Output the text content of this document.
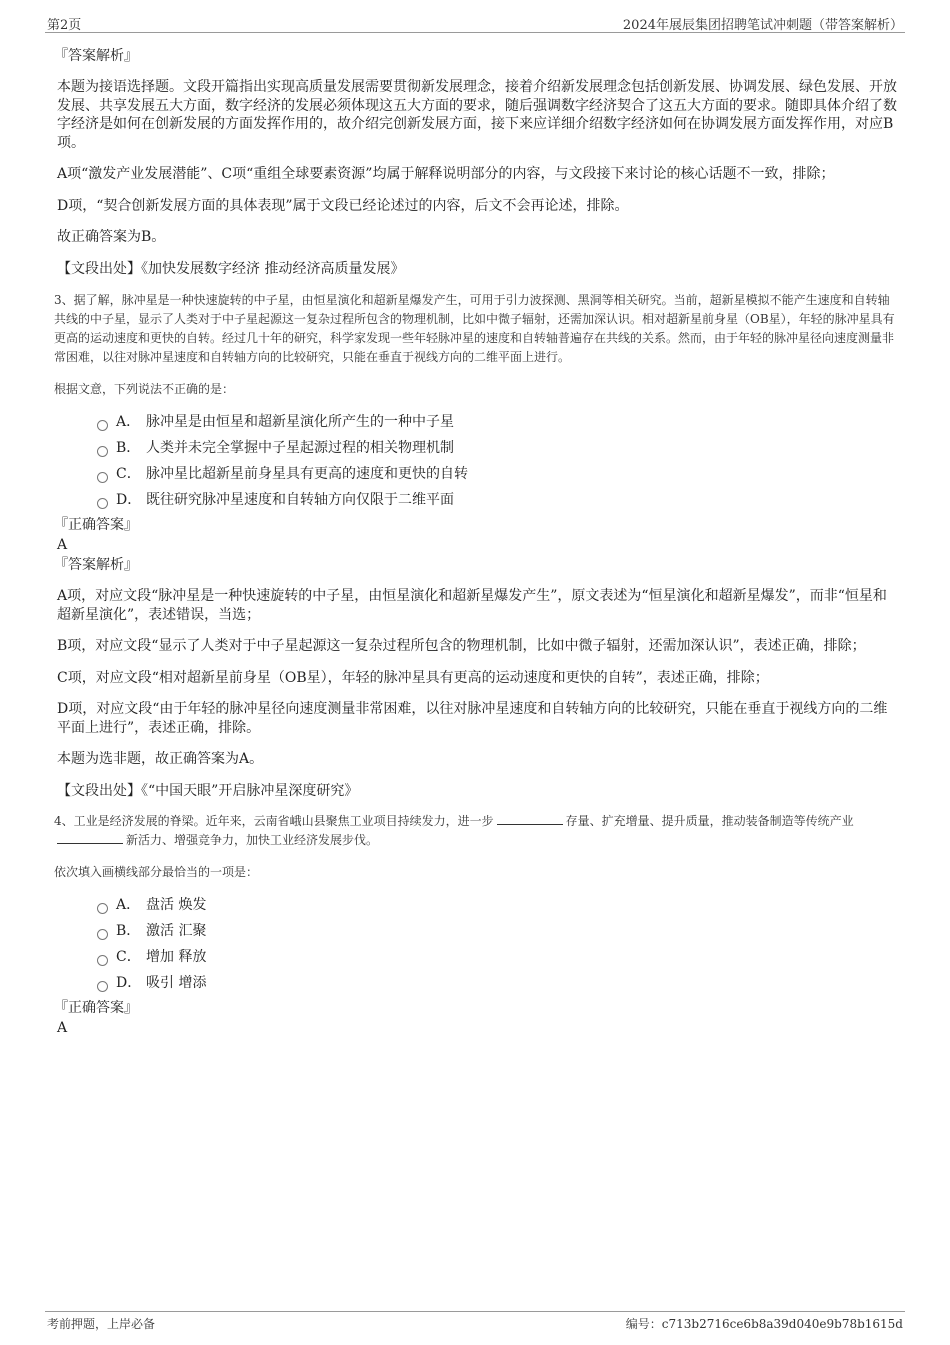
第2页	2024年展辰集团招聘笔试冲刺题（带答案解析）

『答案解析』

本题为接语选择题。文段开篇指出实现高质量发展需要贯彻新发展理念，接着介绍新发展理念包括创新发展、协调发展、绿色发展、开放发展、共享发展五大方面，数字经济的发展必须体现这五大方面的要求，随后强调数字经济契合了这五大方面的要求。随即具体介绍了数字经济是如何在创新发展的方面发挥作用的，故介绍完创新发展方面，接下来应详细介绍数字经济如何在协调发展方面发挥作用，对应B项。

A项“激发产业发展潜能”、C项“重组全球要素资源”均属于解释说明部分的内容，与文段接下来讨论的核心话题不一致，排除；

D项，“契合创新发展方面的具体表现”属于文段已经论述过的内容，后文不会再论述，排除。

故正确答案为B。

【文段出处】《加快发展数字经济 推动经济高质量发展》

3、据了解，脉冲星是一种快速旋转的中子星，由恒星演化和超新星爆发产生，可用于引力波探测、黑洞等相关研究。当前，超新星模拟不能产生速度和自转轴共线的中子星，显示了人类对于中子星起源这一复杂过程所包含的物理机制，比如中微子辐射，还需加深认识。相对超新星前身星（OB星），年轻的脉冲星具有更高的运动速度和更快的自转。经过几十年的研究，科学家发现一些年轻脉冲星的速度和自转轴普遍存在共线的关系。然而，由于年轻的脉冲星径向速度测量非常困难，以往对脉冲星速度和自转轴方向的比较研究，只能在垂直于视线方向的二维平面上进行。

根据文意，下列说法不正确的是：

A． 脉冲星是由恒星和超新星演化所产生的一种中子星
B． 人类并未完全掌握中子星起源过程的相关物理机制
C． 脉冲星比超新星前身星具有更高的速度和更快的自转
D． 既往研究脉冲星速度和自转轴方向仅限于二维平面

『正确答案』

A

『答案解析』

A项，对应文段“脉冲星是一种快速旋转的中子星，由恒星演化和超新星爆发产生”，原文表述为“恒星演化和超新星爆发”，而非“恒星和超新星演化”，表述错误，当选；

B项，对应文段“显示了人类对于中子星起源这一复杂过程所包含的物理机制，比如中微子辐射，还需加深认识”，表述正确，排除；

C项，对应文段“相对超新星前身星（OB星），年轻的脉冲星具有更高的运动速度和更快的自转”，表述正确，排除；

D项，对应文段“由于年轻的脉冲星径向速度测量非常困难，以往对脉冲星速度和自转轴方向的比较研究，只能在垂直于视线方向的二维平面上进行”，表述正确，排除。

本题为选非题，故正确答案为A。

【文段出处】《“中国天眼”开启脉冲星深度研究》

4、工业是经济发展的脊梁。近年来，云南省峨山县聚焦工业项目持续发力，进一步	存量、扩充增量、提升质量，推动装备制造等传统产业新活力、增强竞争力，加快工业经济发展步伐。

依次填入画横线部分最恰当的一项是：

A． 盘活 焕发
B． 激活 汇聚
C． 增加 释放
D． 吸引 增添

『正确答案』

A

考前押题，上岸必备	编号：c713b2716ce6b8a39d040e9b78b1615d
